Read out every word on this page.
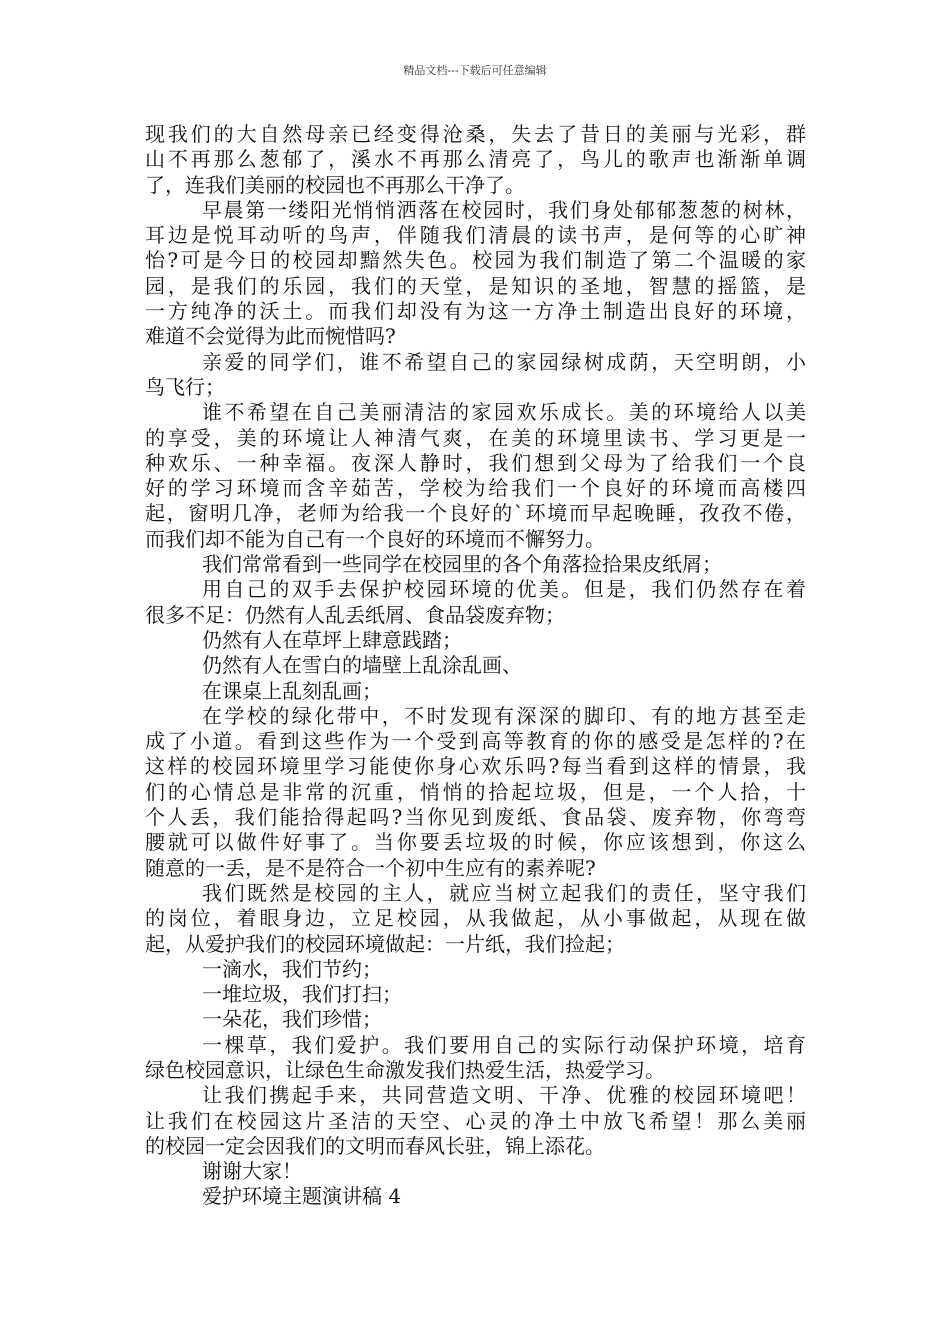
精品文档---下载后可任意编辑
现我们的大自然母亲已经变得沧桑，失去了昔日的美丽与光彩，群
山不再那么葱郁了，溪水不再那么清亮了，鸟儿的歌声也渐渐单调
了，连我们美丽的校园也不再那么干净了。
早晨第一缕阳光悄悄洒落在校园时，我们身处郁郁葱葱的树林，
耳边是悦耳动听的鸟声，伴随我们清晨的读书声，是何等的心旷神
怡?可是今日的校园却黯然失色。校园为我们制造了第二个温暖的家
园，是我们的乐园，我们的天堂，是知识的圣地，智慧的摇篮，是
一方纯净的沃土。而我们却没有为这一方净土制造出良好的环境，
难道不会觉得为此而惋惜吗?
亲爱的同学们，谁不希望自己的家园绿树成荫，天空明朗，小
鸟飞行；
谁不希望在自己美丽清洁的家园欢乐成长。美的环境给人以美
的享受，美的环境让人神清气爽，在美的环境里读书、学习更是一
种欢乐、一种幸福。夜深人静时，我们想到父母为了给我们一个良
好的学习环境而含辛茹苦，学校为给我们一个良好的环境而高楼四
起，窗明几净，老师为给我一个良好的`环境而早起晚睡，孜孜不倦，
而我们却不能为自己有一个良好的环境而不懈努力。
我们常常看到一些同学在校园里的各个角落捡拾果皮纸屑；
用自己的双手去保护校园环境的优美。但是，我们仍然存在着
很多不足：仍然有人乱丢纸屑、食品袋废弃物；
仍然有人在草坪上肆意践踏；
仍然有人在雪白的墙壁上乱涂乱画、
在课桌上乱刻乱画；
在学校的绿化带中，不时发现有深深的脚印、有的地方甚至走
成了小道。看到这些作为一个受到高等教育的你的感受是怎样的?在
这样的校园环境里学习能使你身心欢乐吗?每当看到这样的情景，我
们的心情总是非常的沉重，悄悄的拾起垃圾，但是，一个人拾，十
个人丢，我们能拾得起吗?当你见到废纸、食品袋、废弃物，你弯弯
腰就可以做件好事了。当你要丢垃圾的时候，你应该想到，你这么
随意的一丢，是不是符合一个初中生应有的素养呢?
我们既然是校园的主人，就应当树立起我们的责任，坚守我们
的岗位，着眼身边，立足校园，从我做起，从小事做起，从现在做
起，从爱护我们的校园环境做起：一片纸，我们捡起；
一滴水，我们节约；
一堆垃圾，我们打扫；
一朵花，我们珍惜；
一棵草，我们爱护。我们要用自己的实际行动保护环境，培育
绿色校园意识，让绿色生命激发我们热爱生活，热爱学习。
让我们携起手来，共同营造文明、干净、优雅的校园环境吧！
让我们在校园这片圣洁的天空、心灵的净土中放飞希望！那么美丽
的校园一定会因我们的文明而春风长驻，锦上添花。
谢谢大家！
爱护环境主题演讲稿 4
